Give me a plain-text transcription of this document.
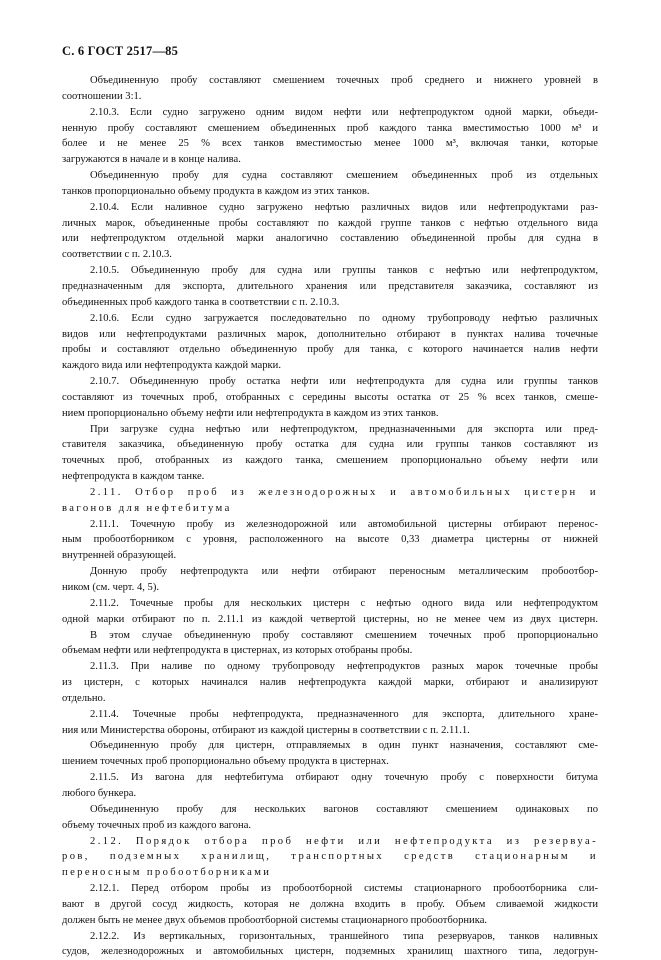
С. 6 ГОСТ 2517—85
Объединенную пробу составляют смешением точечных проб среднего и нижнего уровней в
соотношении 3:1.
2.10.3. Если судно загружено одним видом нефти или нефтепродуктом одной марки, объеди-
ненную пробу составляют смешением объединенных проб каждого танка вместимостью 1000 м³ и
более и не менее 25 % всех танков вместимостью менее 1000 м³, включая танки, которые
загружаются в начале и в конце налива.
Объединенную пробу для судна составляют смешением объединенных проб из отдельных
танков пропорционально объему продукта в каждом из этих танков.
2.10.4. Если наливное судно загружено нефтью различных видов или нефтепродуктами раз-
личных марок, объединенные пробы составляют по каждой группе танков с нефтью отдельного вида
или нефтепродуктом отдельной марки аналогично составлению объединенной пробы для судна в
соответствии с п. 2.10.3.
2.10.5. Объединенную пробу для судна или группы танков с нефтью или нефтепродуктом,
предназначенным для экспорта, длительного хранения или представителя заказчика, составляют из
объединенных проб каждого танка в соответствии с п. 2.10.3.
2.10.6. Если судно загружается последовательно по одному трубопроводу нефтью различных
видов или нефтепродуктами различных марок, дополнительно отбирают в пунктах налива точечные
пробы и составляют отдельно объединенную пробу для танка, с которого начинается налив нефти
каждого вида или нефтепродукта каждой марки.
2.10.7. Объединенную пробу остатка нефти или нефтепродукта для судна или группы танков
составляют из точечных проб, отобранных с середины высоты остатка от 25 % всех танков, смеше-
нием пропорционально объему нефти или нефтепродукта в каждом из этих танков.
При загрузке судна нефтью или нефтепродуктом, предназначенными для экспорта или пред-
ставителя заказчика, объединенную пробу остатка для судна или группы танков составляют из
точечных проб, отобранных из каждого танка, смешением пропорционально объему нефти или
нефтепродукта в каждом танке.
2.11. Отбор проб из железнодорожных и автомобильных цистерн и
вагонов для нефтебитума
2.11.1. Точечную пробу из железнодорожной или автомобильной цистерны отбирают перенос-
ным пробоотборником с уровня, расположенного на высоте 0,33 диаметра цистерны от нижней
внутренней образующей.
Донную пробу нефтепродукта или нефти отбирают переносным металлическим пробоотбор-
ником (см. черт. 4, 5).
2.11.2. Точечные пробы для нескольких цистерн с нефтью одного вида или нефтепродуктом
одной марки отбирают по п. 2.11.1 из каждой четвертой цистерны, но не менее чем из двух цистерн.
В этом случае объединенную пробу составляют смешением точечных проб пропорционально
объемам нефти или нефтепродукта в цистернах, из которых отобраны пробы.
2.11.3. При наливе по одному трубопроводу нефтепродуктов разных марок точечные пробы
из цистерн, с которых начинался налив нефтепродукта каждой марки, отбирают и анализируют
отдельно.
2.11.4. Точечные пробы нефтепродукта, предназначенного для экспорта, длительного хране-
ния или Министерства обороны, отбирают из каждой цистерны в соответствии с п. 2.11.1.
Объединенную пробу для цистерн, отправляемых в один пункт назначения, составляют сме-
шением точечных проб пропорционально объему продукта в цистернах.
2.11.5. Из вагона для нефтебитума отбирают одну точечную пробу с поверхности битума
любого бункера.
Объединенную пробу для нескольких вагонов составляют смешением одинаковых по
объему точечных проб из каждого вагона.
2.12. Порядок отбора проб нефти или нефтепродукта из резервуа-
ров, подземных хранилищ, транспортных средств стационарным и
переносным пробоотборниками
2.12.1. Перед отбором пробы из пробоотборной системы стационарного пробоотборника сли-
вают в другой сосуд жидкость, которая не должна входить в пробу. Объем сливаемой жидкости
должен быть не менее двух объемов пробоотборной системы стационарного пробоотборника.
2.12.2. Из вертикальных, горизонтальных, траншейного типа резервуаров, танков наливных
судов, железнодорожных и автомобильных цистерн, подземных хранилищ шахтного типа, ледогрун-
